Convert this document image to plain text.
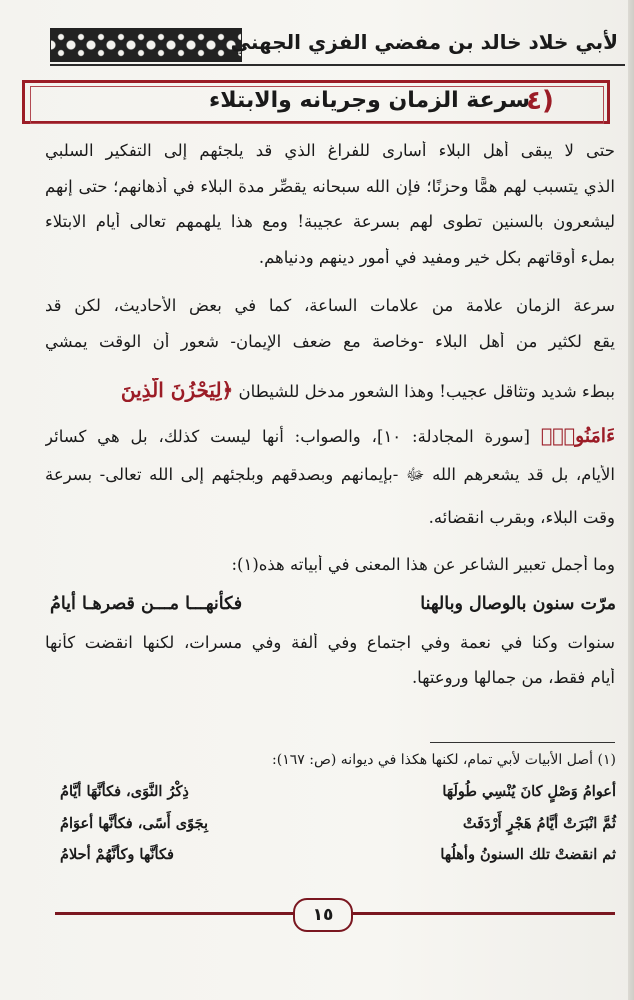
لأبي خلاد خالد بن مفضي الفزي الجهني
سرعة الزمان وجريانه والابتلاء
٤)
حتى لا يبقى أهل البلاء أسارى للفراغ الذي قد يلجئهم إلى التفكير السلبي
الذي يتسبب لهم همًّا وحزنًا؛ فإن الله سبحانه يقصِّر مدة البلاء في أذهانهم؛ حتى إنهم
ليشعرون بالسنين تطوى لهم بسرعة عجيبة! ومع هذا يلهمهم تعالى أيام الابتلاء
بملء أوقاتهم بكل خير ومفيد في أمور دينهم ودنياهم.
سرعة الزمان علامة من علامات الساعة، كما في بعض الأحاديث، لكن قد
يقع لكثير من أهل البلاء -وخاصة مع ضعف الإيمان- شعور أن الوقت يمشي
ببطء شديد وتثاقل عجيب! وهذا الشعور مدخل للشيطان ﴿لِيَحْزُنَ الَّذِينَ
ءَامَنُوا۟﴾ [سورة المجادلة: ١٠]، والصواب: أنها ليست كذلك، بل هي كسائر
الأيام، بل قد يشعرهم الله ﷻ -بإيمانهم وبصدقهم وبلجئهم إلى الله تعالى- بسرعة
وقت البلاء، وبقرب انقضائه.
وما أجمل تعبير الشاعر عن هذا المعنى في أبياته هذه(١):
مرّت سنون بالوصال وبالهنا
فكأنهـــا مـــن قصرهـا أيامُ
سنوات وكنا في نعمة وفي اجتماع وفي ألفة وفي مسرات، لكنها انقضت كأنها
أيام فقط، من جمالها وروعتها.
(١) أصل الأبيات لأبي تمام، لكنها هكذا في ديوانه (ص: ١٦٧):
أعوامُ وَصْلٍ كانَ يُنْسِي طُولَهَا
ذِكْرُ النَّوَى، فكأنَّهَا أيَّامُ
ثُمَّ انْبَرَتْ أيَّامُ هَجْرٍ أَرْدَفَتْ
بِجَوًى أَسًى، فكأنَّها أعوَامُ
ثم انقضتْ تلك السنونُ وأهلُها
فكأنَّها وكأنَّهُمْ أحلامُ
١٥
